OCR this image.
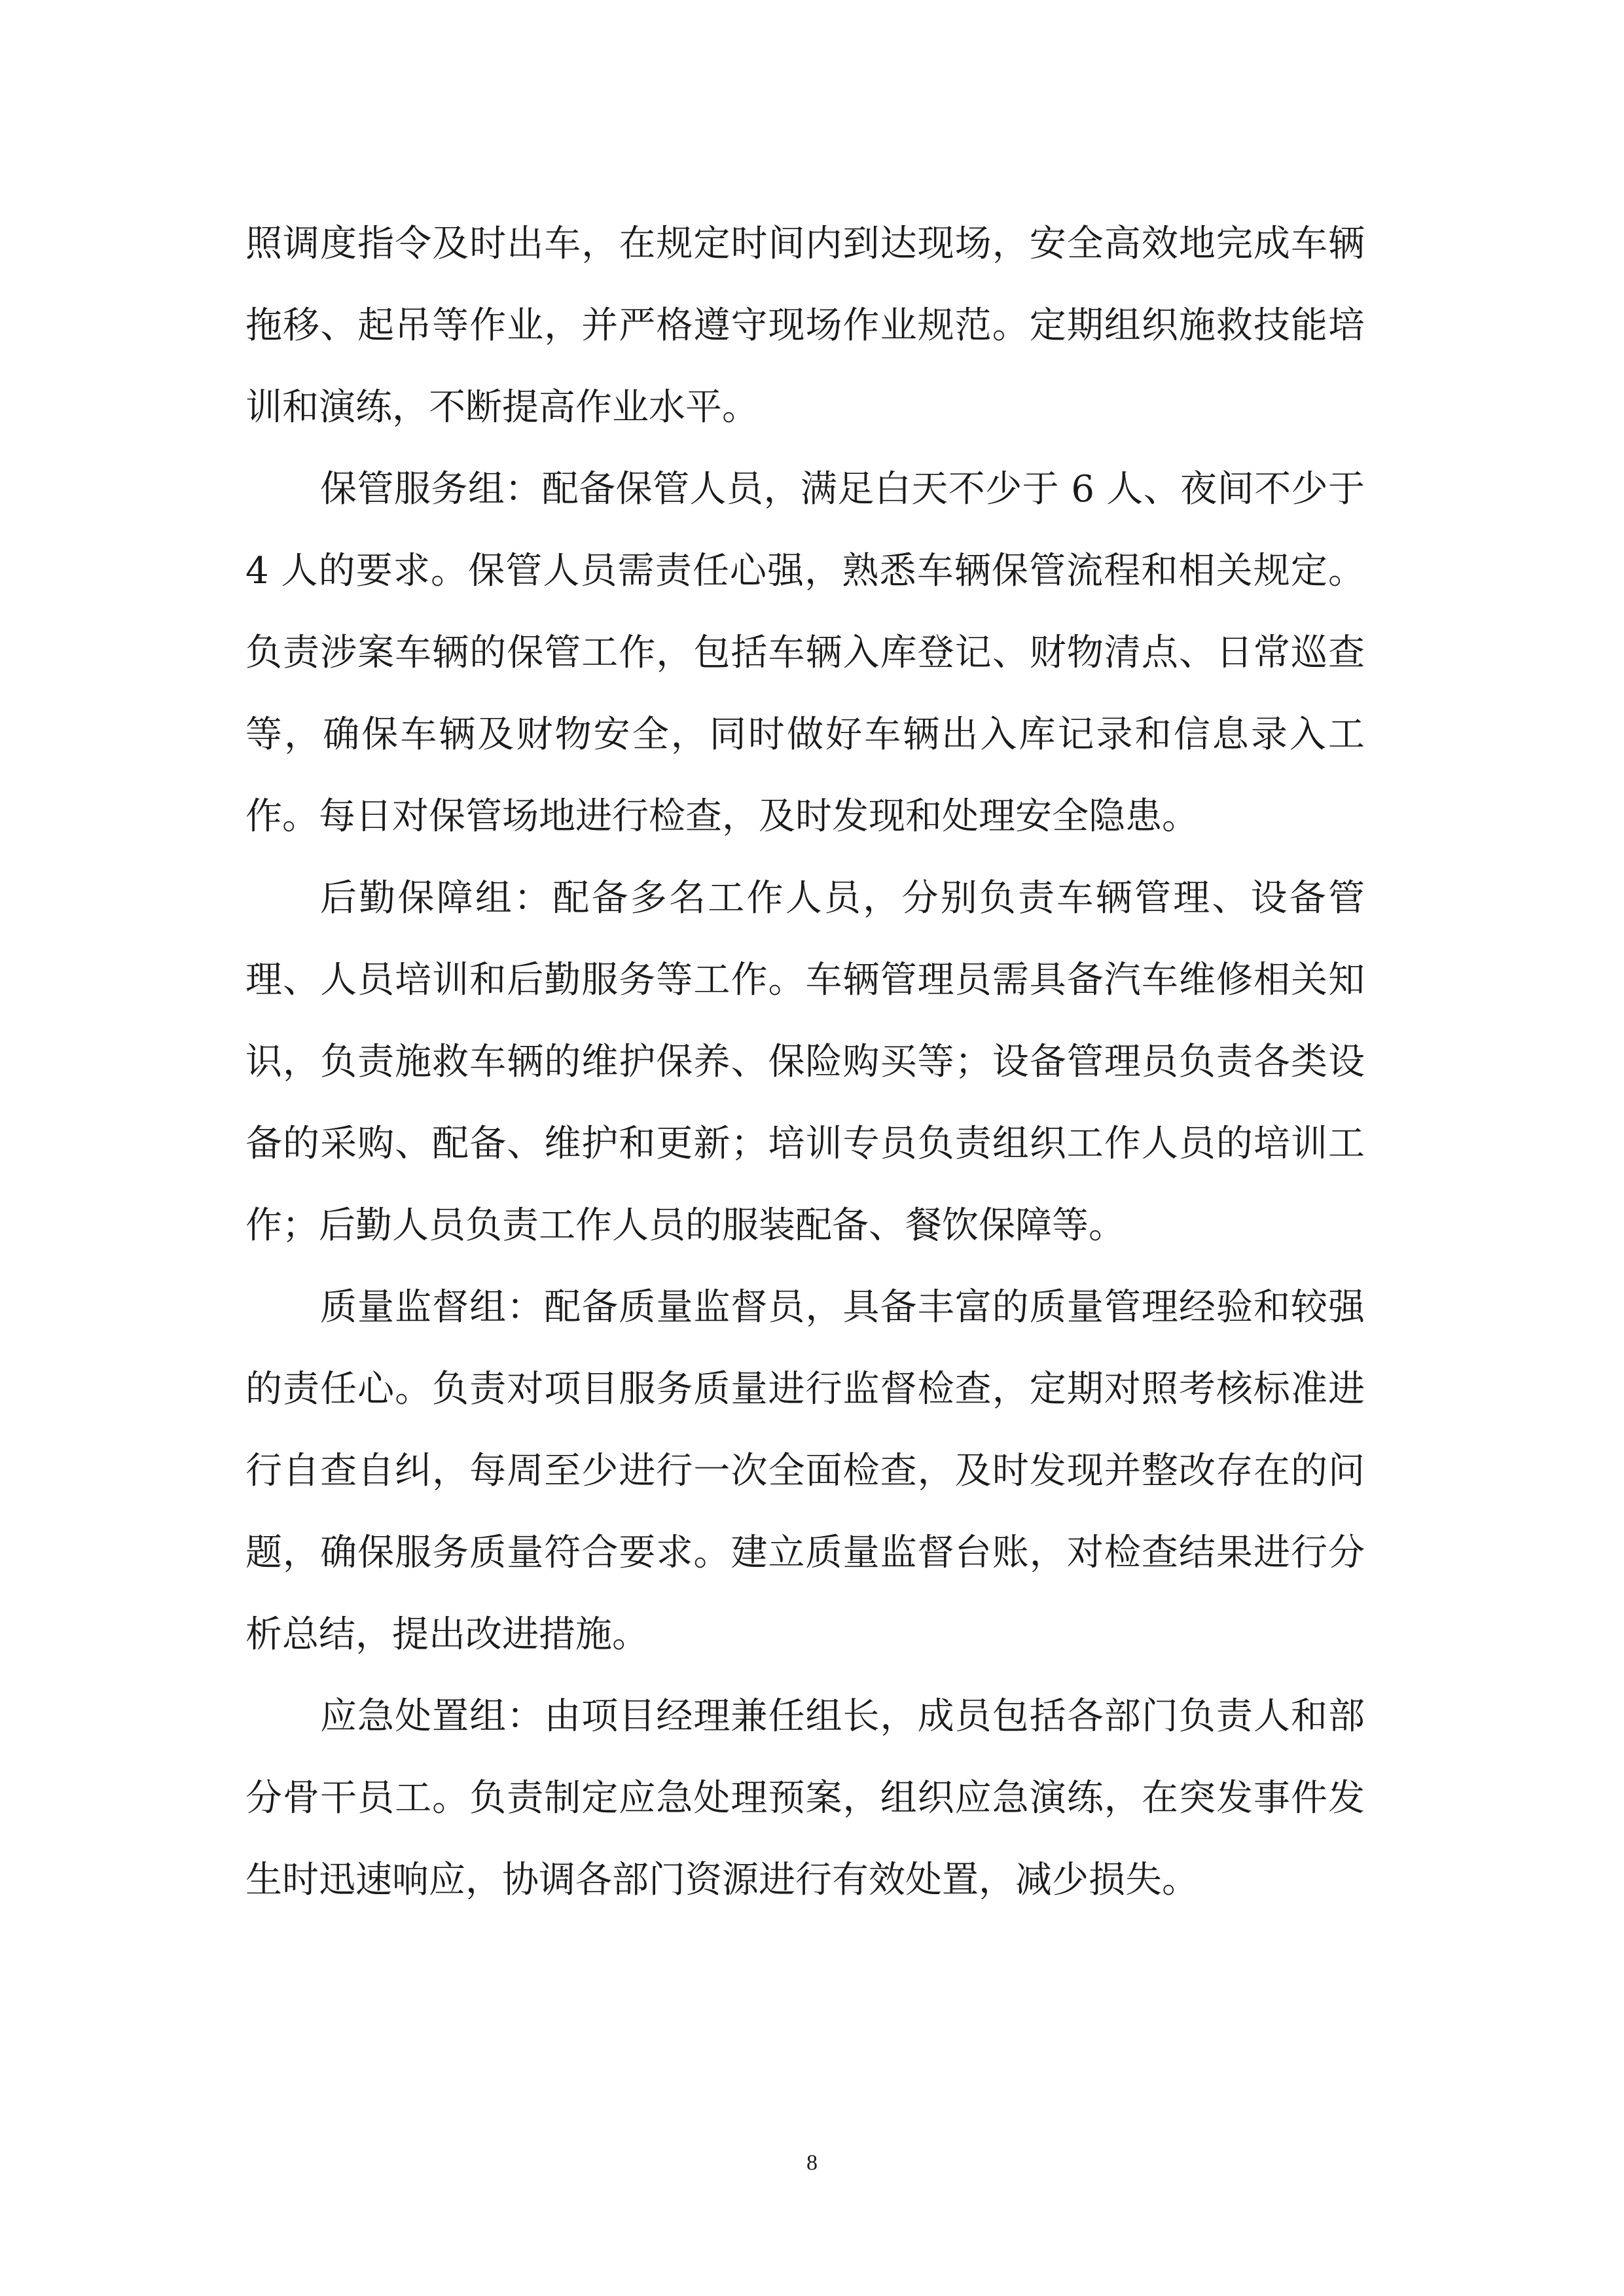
照调度指令及时出车，在规定时间内到达现场，安全高效地完成车辆拖移、起吊等作业，并严格遵守现场作业规范。定期组织施救技能培训和演练，不断提高作业水平。

保管服务组：配备保管人员，满足白天不少于 6 人、夜间不少于 4 人的要求。保管人员需责任心强，熟悉车辆保管流程和相关规定。负责涉案车辆的保管工作，包括车辆入库登记、财物清点、日常巡查等，确保车辆及财物安全，同时做好车辆出入库记录和信息录入工作。每日对保管场地进行检查，及时发现和处理安全隐患。

后勤保障组：配备多名工作人员，分别负责车辆管理、设备管理、人员培训和后勤服务等工作。车辆管理员需具备汽车维修相关知识，负责施救车辆的维护保养、保险购买等；设备管理员负责各类设备的采购、配备、维护和更新；培训专员负责组织工作人员的培训工作；后勤人员负责工作人员的服装配备、餐饮保障等。

质量监督组：配备质量监督员，具备丰富的质量管理经验和较强的责任心。负责对项目服务质量进行监督检查，定期对照考核标准进行自查自纠，每周至少进行一次全面检查，及时发现并整改存在的问题，确保服务质量符合要求。建立质量监督台账，对检查结果进行分析总结，提出改进措施。

应急处置组：由项目经理兼任组长，成员包括各部门负责人和部分骨干员工。负责制定应急处理预案，组织应急演练，在突发事件发生时迅速响应，协调各部门资源进行有效处置，减少损失。

8
